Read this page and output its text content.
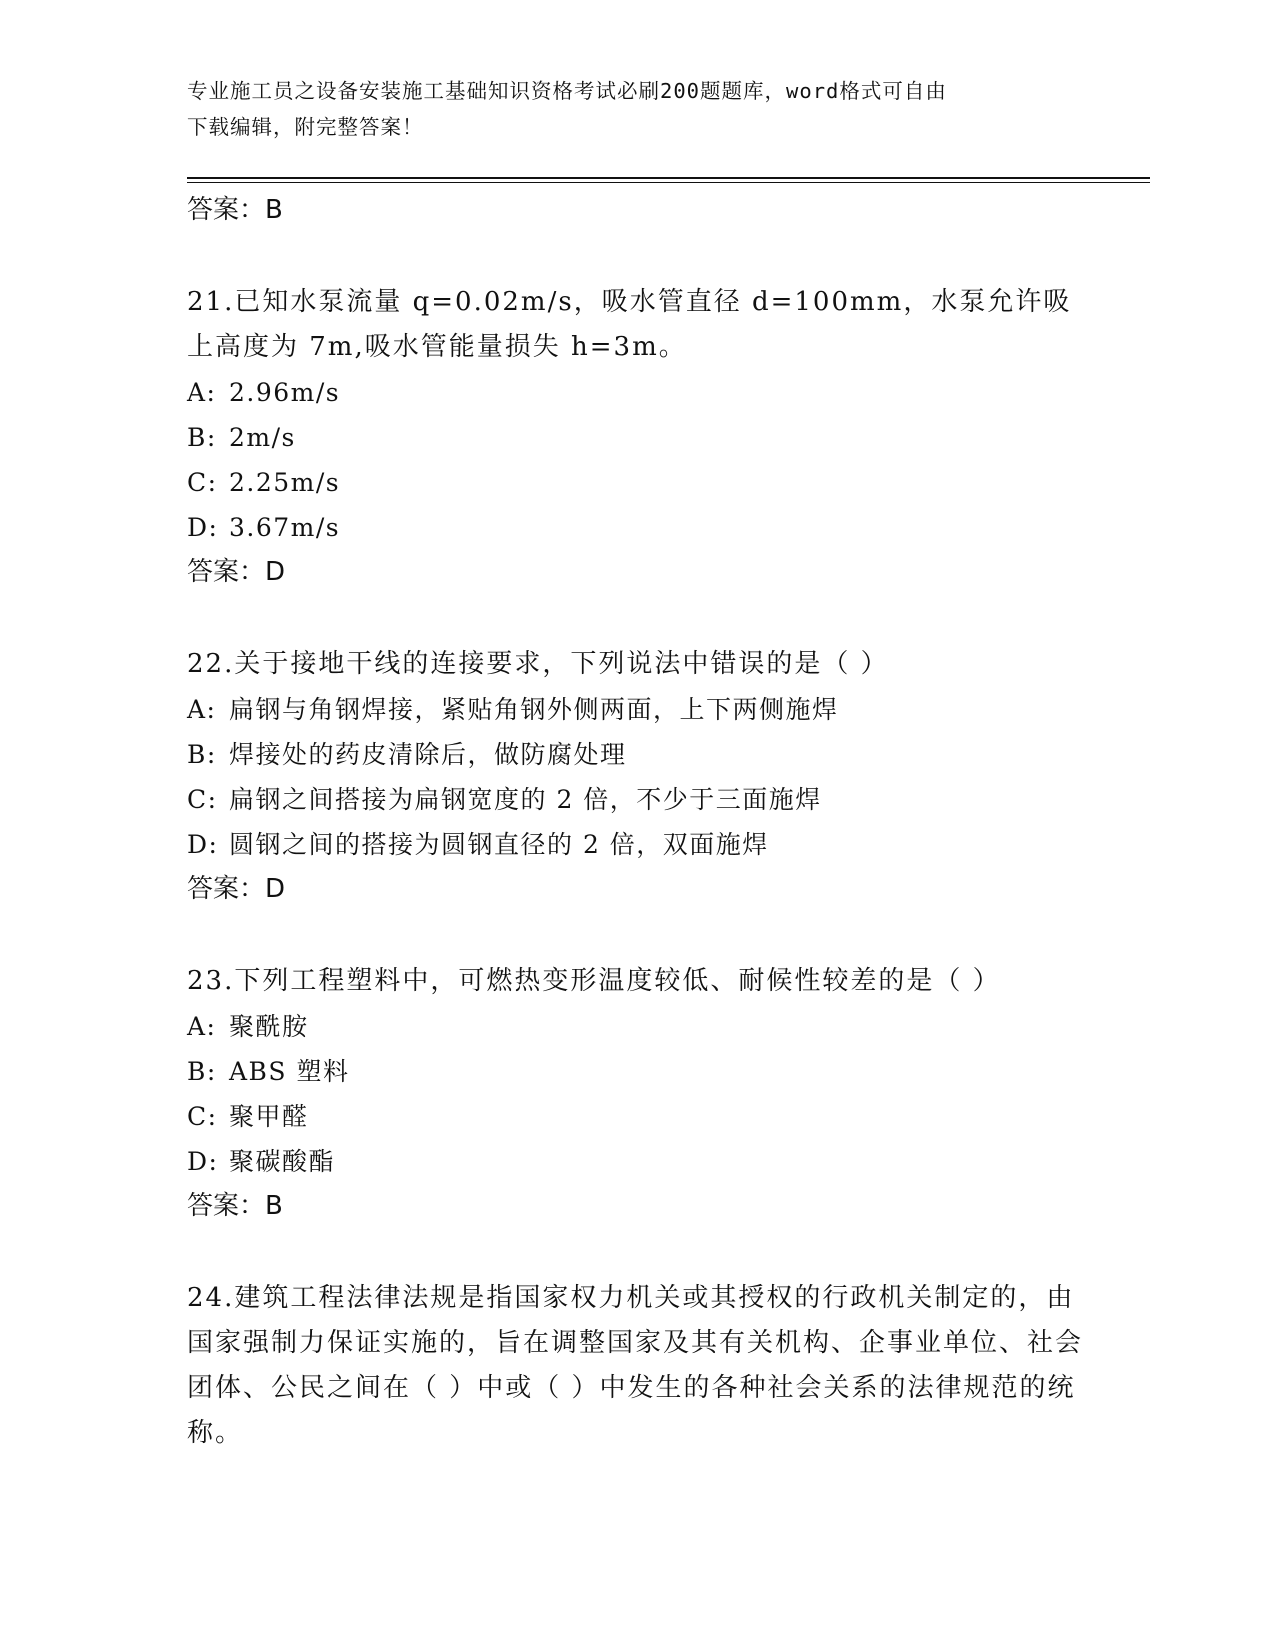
专业施工员之设备安装施工基础知识资格考试必刷200题题库，word格式可自由
下载编辑，附完整答案！
答案：B

21.已知水泵流量 q=0.02m/s，吸水管直径 d=100mm，水泵允许吸上高度为 7m,吸水管能量损失 h=3m。

A: 2.96m/s
B: 2m/s
C: 2.25m/s
D: 3.67m/s
答案：D

22.关于接地干线的连接要求，下列说法中错误的是（ ）

A: 扁钢与角钢焊接，紧贴角钢外侧两面，上下两侧施焊
B: 焊接处的药皮清除后，做防腐处理
C: 扁钢之间搭接为扁钢宽度的 2 倍，不少于三面施焊
D: 圆钢之间的搭接为圆钢直径的 2 倍，双面施焊
答案：D

23.下列工程塑料中，可燃热变形温度较低、耐候性较差的是（ ）

A: 聚酰胺
B: ABS 塑料
C: 聚甲醛
D: 聚碳酸酯
答案：B

24.建筑工程法律法规是指国家权力机关或其授权的行政机关制定的，由国家强制力保证实施的，旨在调整国家及其有关机构、企事业单位、社会团体、公民之间在（ ）中或（ ）中发生的各种社会关系的法律规范的统称。
